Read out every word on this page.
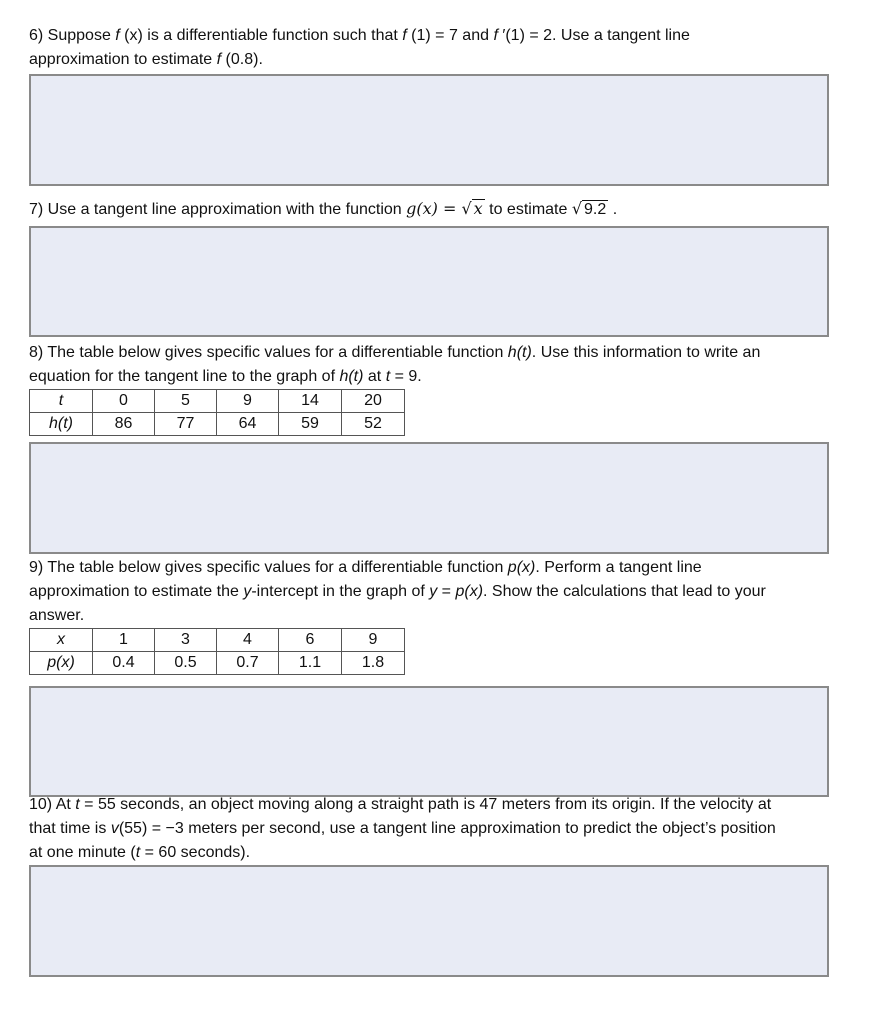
6) Suppose f (x) is a differentiable function such that f (1) = 7 and f ′(1) = 2. Use a tangent line
approximation to estimate f (0.8).
7) Use a tangent line approximation with the function g(x) = √ x to estimate √ 9.2 .
8) The table below gives specific values for a differentiable function h(t). Use this information to write an
equation for the tangent line to the graph of h(t) at t = 9.
t	0	5	9	14	20
h(t)	86	77	64	59	52
9) The table below gives specific values for a differentiable function p(x). Perform a tangent line
approximation to estimate the y-intercept in the graph of y = p(x). Show the calculations that lead to your
answer.
x	1	3	4	6	9
p(x)	0.4	0.5	0.7	1.1	1.8
10) At t = 55 seconds, an object moving along a straight path is 47 meters from its origin. If the velocity at
that time is v(55) = −3 meters per second, use a tangent line approximation to predict the object’s position
at one minute (t = 60 seconds).
